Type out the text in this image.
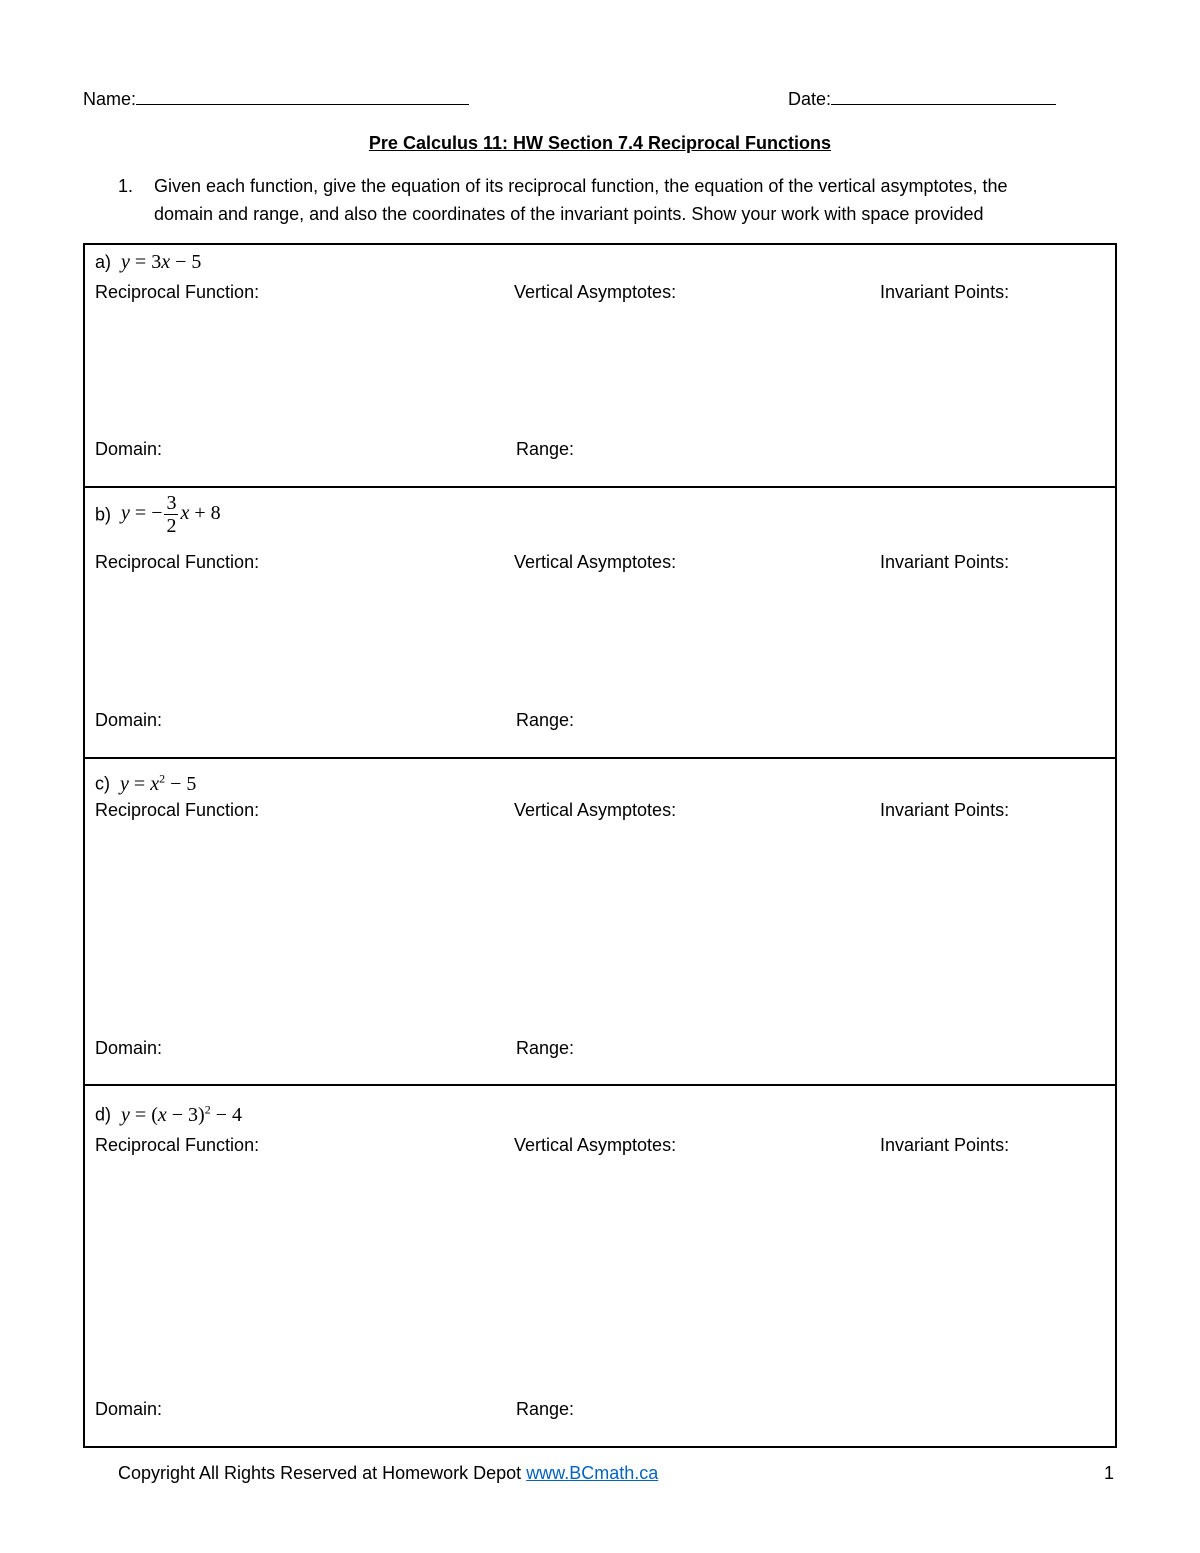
Name:	Date:
Pre Calculus 11: HW Section 7.4 Reciprocal Functions
1. Given each function, give the equation of its reciprocal function, the equation of the vertical asymptotes, the
domain and range, and also the coordinates of the invariant points. Show your work with space provided
a) y = 3x − 5
Reciprocal Function:	Vertical Asymptotes:	Invariant Points:
Domain:	Range:
b) y = − $\frac{3}{2}$ x + 8
Reciprocal Function:	Vertical Asymptotes:	Invariant Points:
Domain:	Range:
c) $y = x^2 - 5$
Reciprocal Function:	Vertical Asymptotes:	Invariant Points:
Domain:	Range:
d) $y = (x - 3)^2 - 4$
Reciprocal Function:	Vertical Asymptotes:	Invariant Points:
Domain:	Range:
Copyright All Rights Reserved at Homework Depot www.BCmath.ca	1
